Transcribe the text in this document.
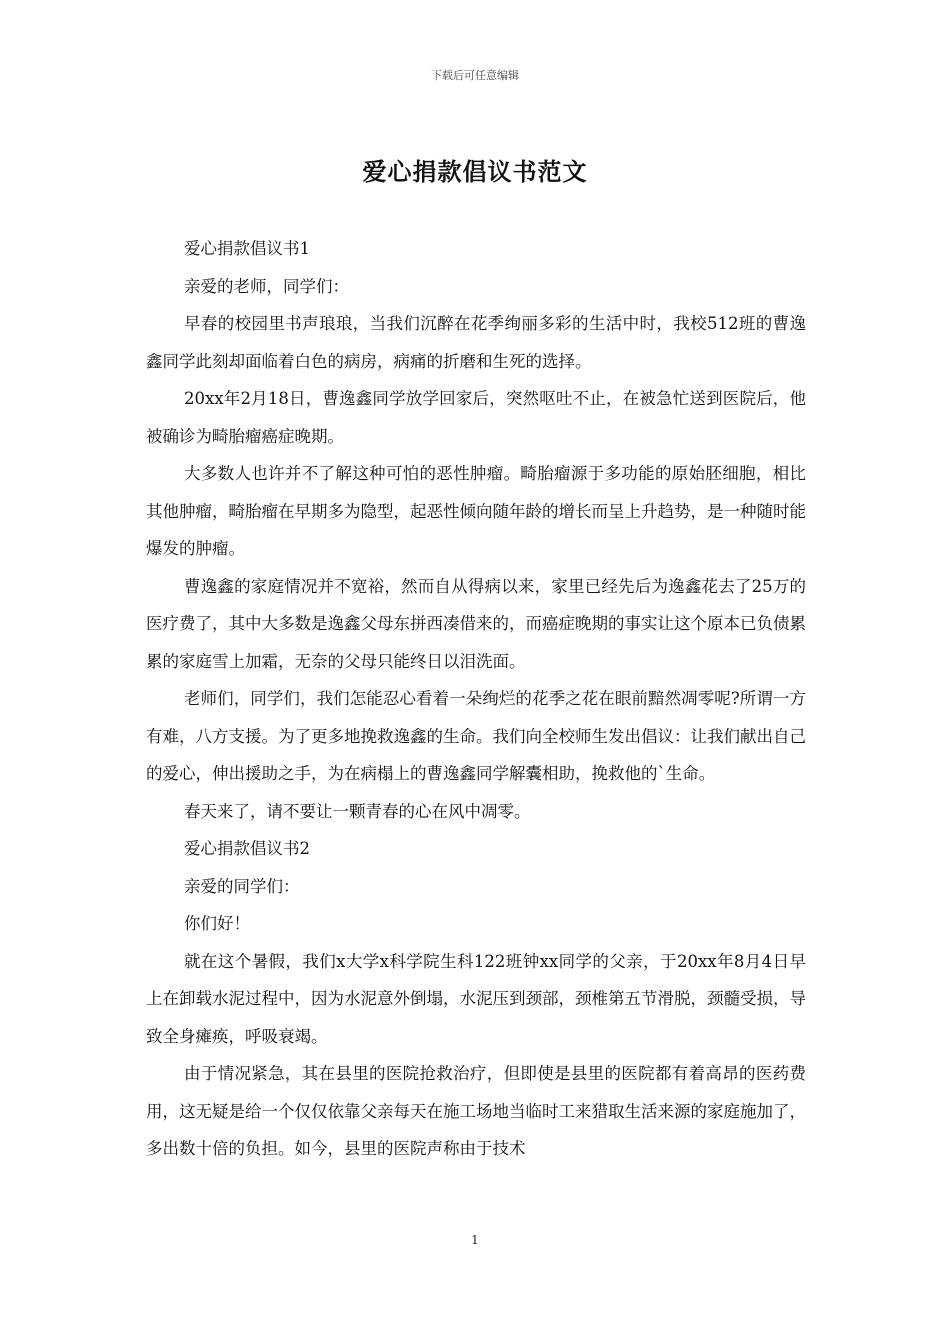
下载后可任意编辑
爱心捐款倡议书范文

爱心捐款倡议书1

亲爱的老师，同学们：

早春的校园里书声琅琅，当我们沉醉在花季绚丽多彩的生活中时，我校512班的曹逸鑫同学此刻却面临着白色的病房，病痛的折磨和生死的选择。

20xx年2月18日，曹逸鑫同学放学回家后，突然呕吐不止，在被急忙送到医院后，他被确诊为畸胎瘤癌症晚期。

大多数人也许并不了解这种可怕的恶性肿瘤。畸胎瘤源于多功能的原始胚细胞，相比其他肿瘤，畸胎瘤在早期多为隐型，起恶性倾向随年龄的增长而呈上升趋势，是一种随时能爆发的肿瘤。

曹逸鑫的家庭情况并不宽裕，然而自从得病以来，家里已经先后为逸鑫花去了25万的医疗费了，其中大多数是逸鑫父母东拼西凑借来的，而癌症晚期的事实让这个原本已负债累累的家庭雪上加霜，无奈的父母只能终日以泪洗面。

老师们，同学们，我们怎能忍心看着一朵绚烂的花季之花在眼前黯然凋零呢?所谓一方有难，八方支援。为了更多地挽救逸鑫的生命。我们向全校师生发出倡议：让我们献出自己的爱心，伸出援助之手，为在病榻上的曹逸鑫同学解囊相助，挽救他的`生命。

春天来了，请不要让一颗青春的心在风中凋零。

爱心捐款倡议书2

亲爱的同学们：

你们好！

就在这个暑假，我们x大学x科学院生科122班钟xx同学的父亲，于20xx年8月4日早上在卸载水泥过程中，因为水泥意外倒塌，水泥压到颈部，颈椎第五节滑脱，颈髓受损，导致全身瘫痪，呼吸衰竭。

由于情况紧急，其在县里的医院抢救治疗，但即使是县里的医院都有着高昂的医药费用，这无疑是给一个仅仅依靠父亲每天在施工场地当临时工来猎取生活来源的家庭施加了，多出数十倍的负担。如今，县里的医院声称由于技术

1
